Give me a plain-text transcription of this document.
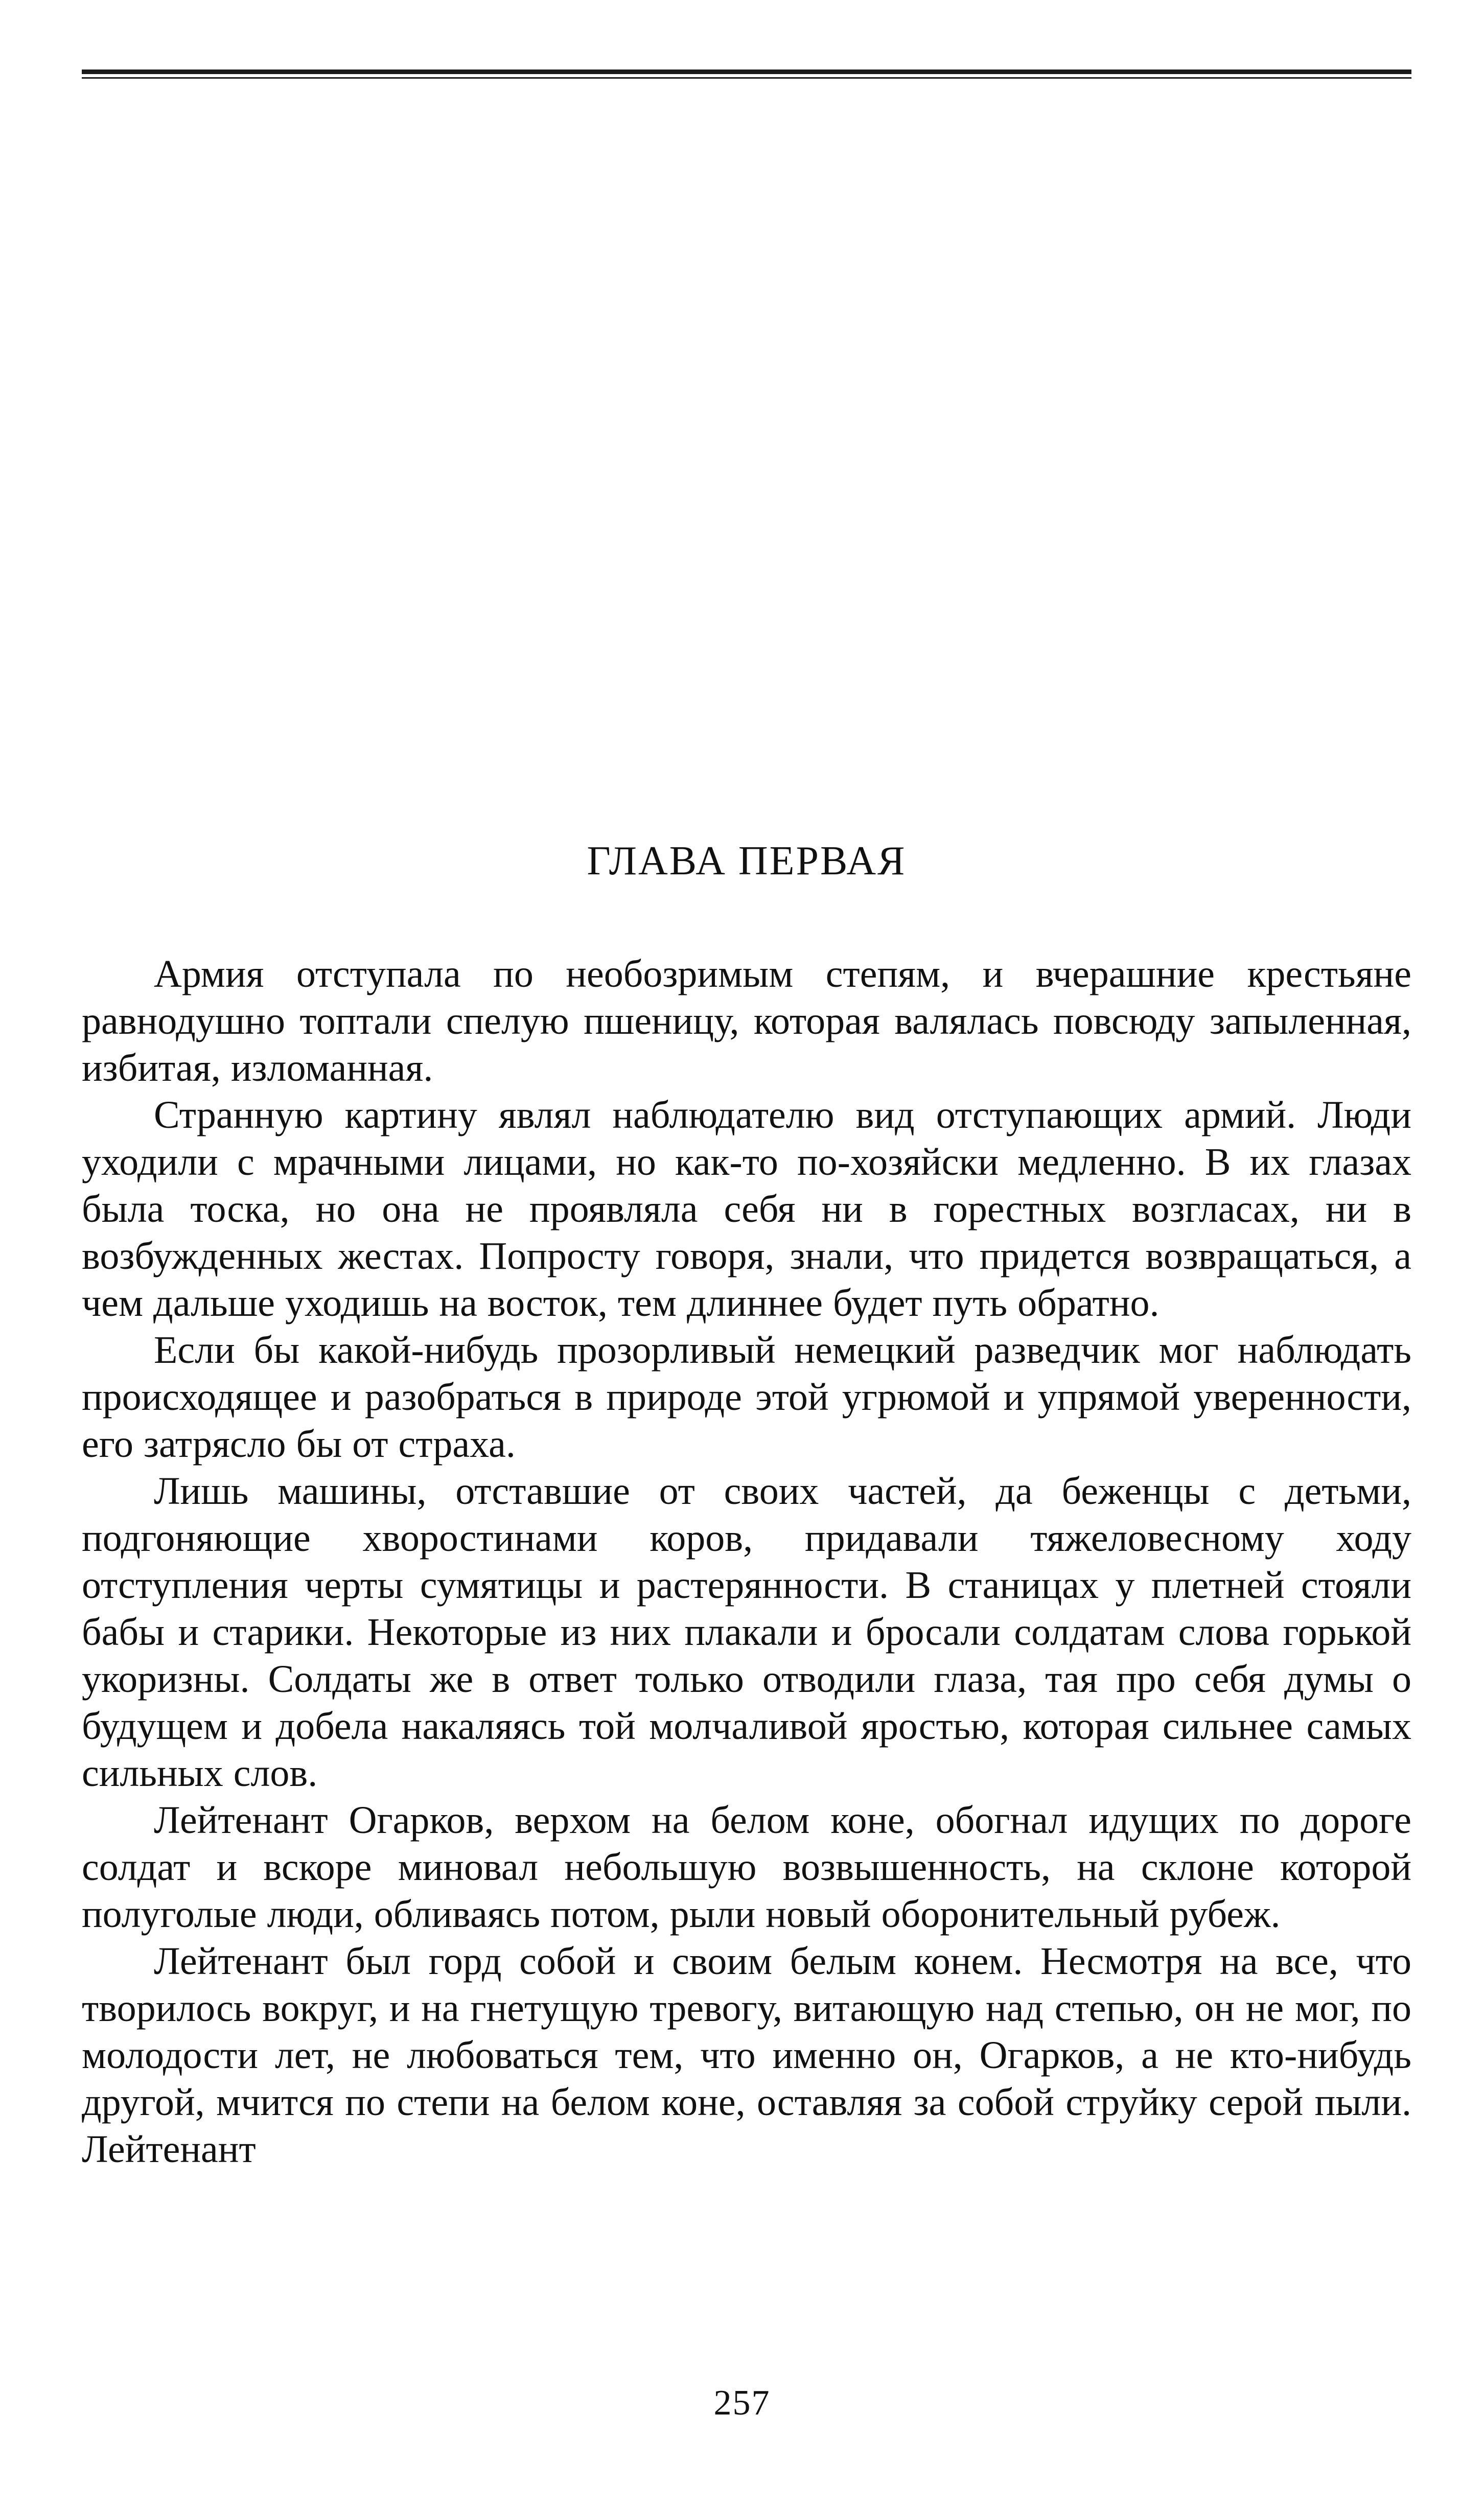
ГЛАВА ПЕРВАЯ

Армия отступала по необозримым степям, и вчерашние крестьяне равнодушно топтали спелую пшеницу, которая валялась повсюду запыленная, избитая, изломанная.

Странную картину являл наблюдателю вид отступающих армий. Люди уходили с мрачными лицами, но как-то по-хозяйски медленно. В их глазах была тоска, но она не проявляла себя ни в горестных возгласах, ни в возбужденных жестах. Попросту говоря, знали, что придется возвращаться, а чем дальше уходишь на восток, тем длиннее будет путь обратно.

Если бы какой-нибудь прозорливый немецкий разведчик мог наблюдать происходящее и разобраться в природе этой угрюмой и упрямой уверенности, его затрясло бы от страха.

Лишь машины, отставшие от своих частей, да беженцы с детьми, подгоняющие хворостинами коров, придавали тяжеловесному ходу отступления черты сумятицы и растерянности. В станицах у плетней стояли бабы и старики. Некоторые из них плакали и бросали солдатам слова горькой укоризны. Солдаты же в ответ только отводили глаза, тая про себя думы о будущем и добела накаляясь той молчаливой яростью, которая сильнее самых сильных слов.

Лейтенант Огарков, верхом на белом коне, обогнал идущих по дороге солдат и вскоре миновал небольшую возвышенность, на склоне которой полуголые люди, обливаясь потом, рыли новый оборонительный рубеж.

Лейтенант был горд собой и своим белым конем. Несмотря на все, что творилось вокруг, и на гнетущую тревогу, витающую над степью, он не мог, по молодости лет, не любоваться тем, что именно он, Огарков, а не кто-нибудь другой, мчится по степи на белом коне, оставляя за собой струйку серой пыли. Лейтенант

257
